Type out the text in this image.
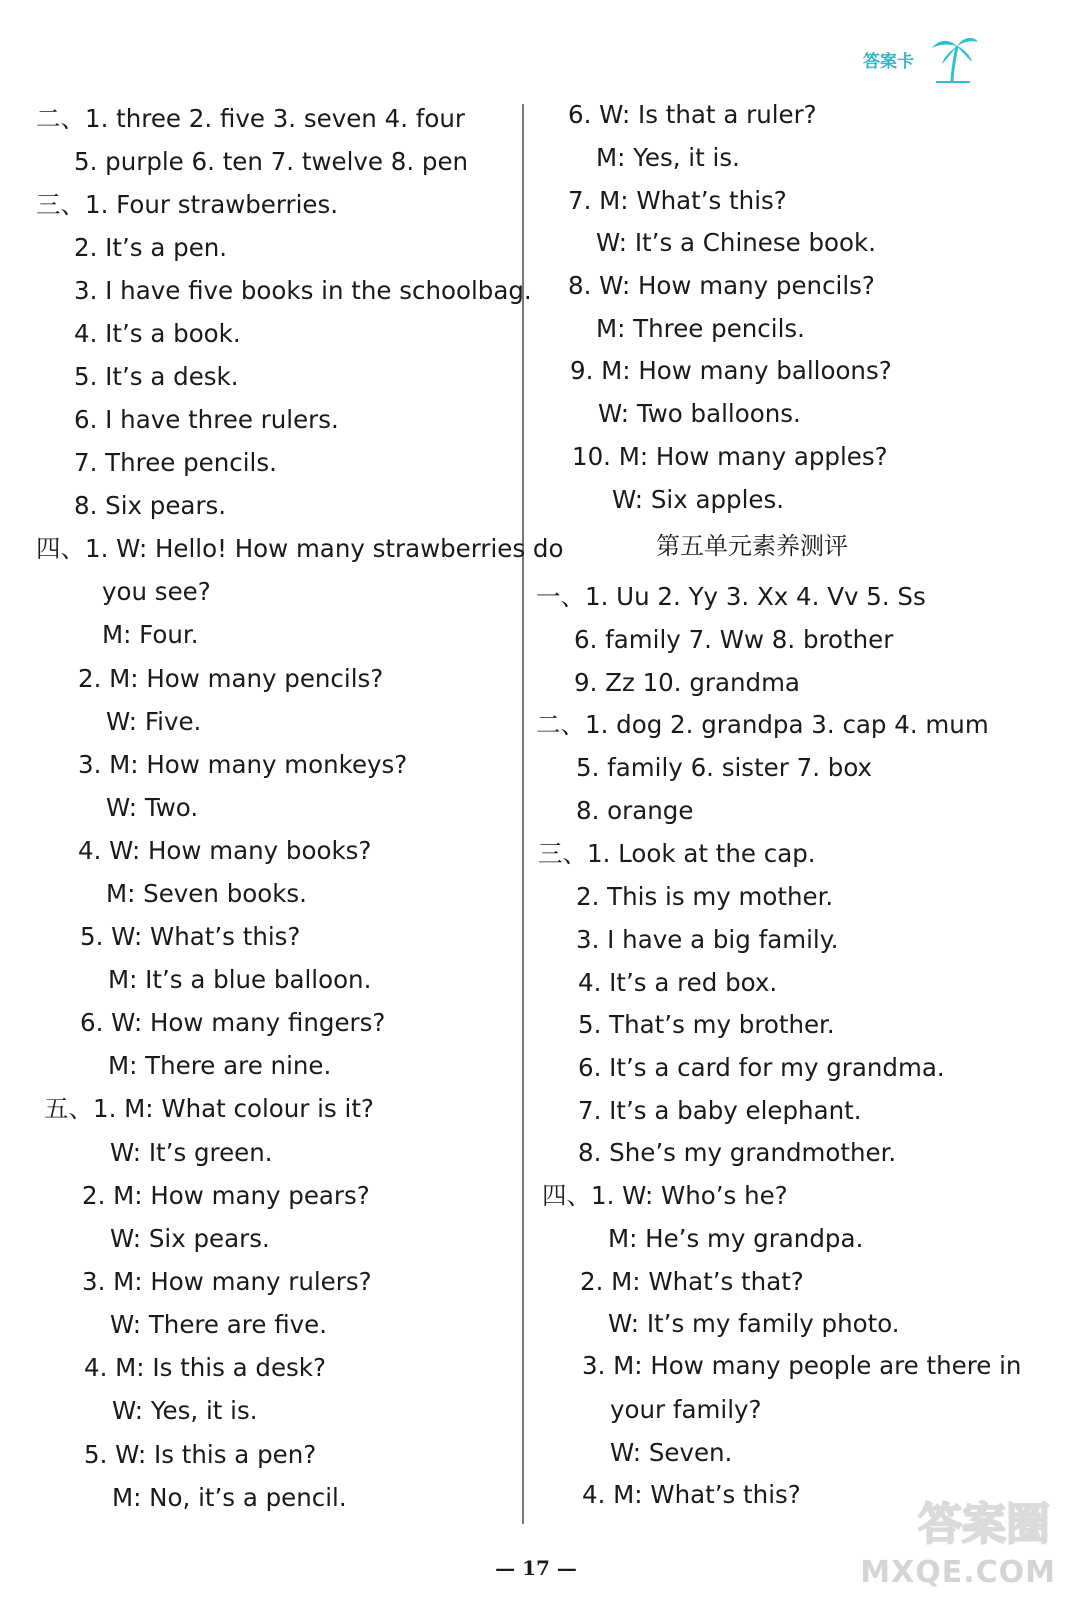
答案卡
二、1. three 2. five 3. seven 4. four
5. purple 6. ten 7. twelve 8. pen
三、1. Four strawberries.
2. It’s a pen.
3. I have five books in the schoolbag.
4. It’s a book.
5. It’s a desk.
6. I have three rulers.
7. Three pencils.
8. Six pears.
四、1. W: Hello! How many strawberries do
you see?
M: Four.
2. M: How many pencils?
W: Five.
3. M: How many monkeys?
W: Two.
4. W: How many books?
M: Seven books.
5. W: What’s this?
M: It’s a blue balloon.
6. W: How many fingers?
M: There are nine.
五、1. M: What colour is it?
W: It’s green.
2. M: How many pears?
W: Six pears.
3. M: How many rulers?
W: There are five.
4. M: Is this a desk?
W: Yes, it is.
5. W: Is this a pen?
M: No, it’s a pencil.
6. W: Is that a ruler?
M: Yes, it is.
7. M: What’s this?
W: It’s a Chinese book.
8. W: How many pencils?
M: Three pencils.
9. M: How many balloons?
W: Two balloons.
10. M: How many apples?
W: Six apples.
第五单元素养测评
一、1. Uu 2. Yy 3. Xx 4. Vv 5. Ss
6. family 7. Ww 8. brother
9. Zz 10. grandma
二、1. dog 2. grandpa 3. cap 4. mum
5. family 6. sister 7. box
8. orange
三、1. Look at the cap.
2. This is my mother.
3. I have a big family.
4. It’s a red box.
5. That’s my brother.
6. It’s a card for my grandma.
7. It’s a baby elephant.
8. She’s my grandmother.
四、1. W: Who’s he?
M: He’s my grandpa.
2. M: What’s that?
W: It’s my family photo.
3. M: How many people are there in
your family?
W: Seven.
4. M: What’s this?
— 17 —
答案圈
MXQE.COM
